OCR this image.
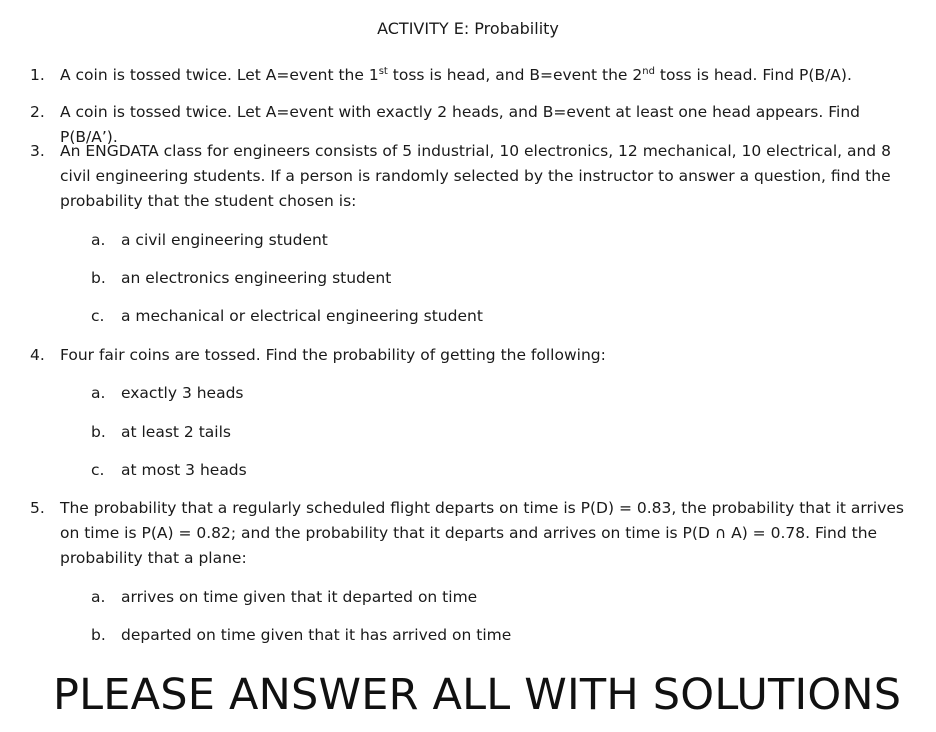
ACTIVITY E: Probability
1. A coin is tossed twice. Let A=event the 1st toss is head, and B=event the 2nd toss is head. Find P(B/A).
2. A coin is tossed twice. Let A=event with exactly 2 heads, and B=event at least one head appears. Find P(B/A’).
3. An ENGDATA class for engineers consists of 5 industrial, 10 electronics, 12 mechanical, 10 electrical, and 8 civil engineering students. If a person is randomly selected by the instructor to answer a question, find the probability that the student chosen is:
a. a civil engineering student
b. an electronics engineering student
c. a mechanical or electrical engineering student
4. Four fair coins are tossed. Find the probability of getting the following:
a. exactly 3 heads
b. at least 2 tails
c. at most 3 heads
5. The probability that a regularly scheduled flight departs on time is P(D) = 0.83, the probability that it arrives on time is P(A) = 0.82; and the probability that it departs and arrives on time is P(D ∩ A) = 0.78. Find the probability that a plane:
a. arrives on time given that it departed on time
b. departed on time given that it has arrived on time
PLEASE ANSWER ALL WITH SOLUTIONS
